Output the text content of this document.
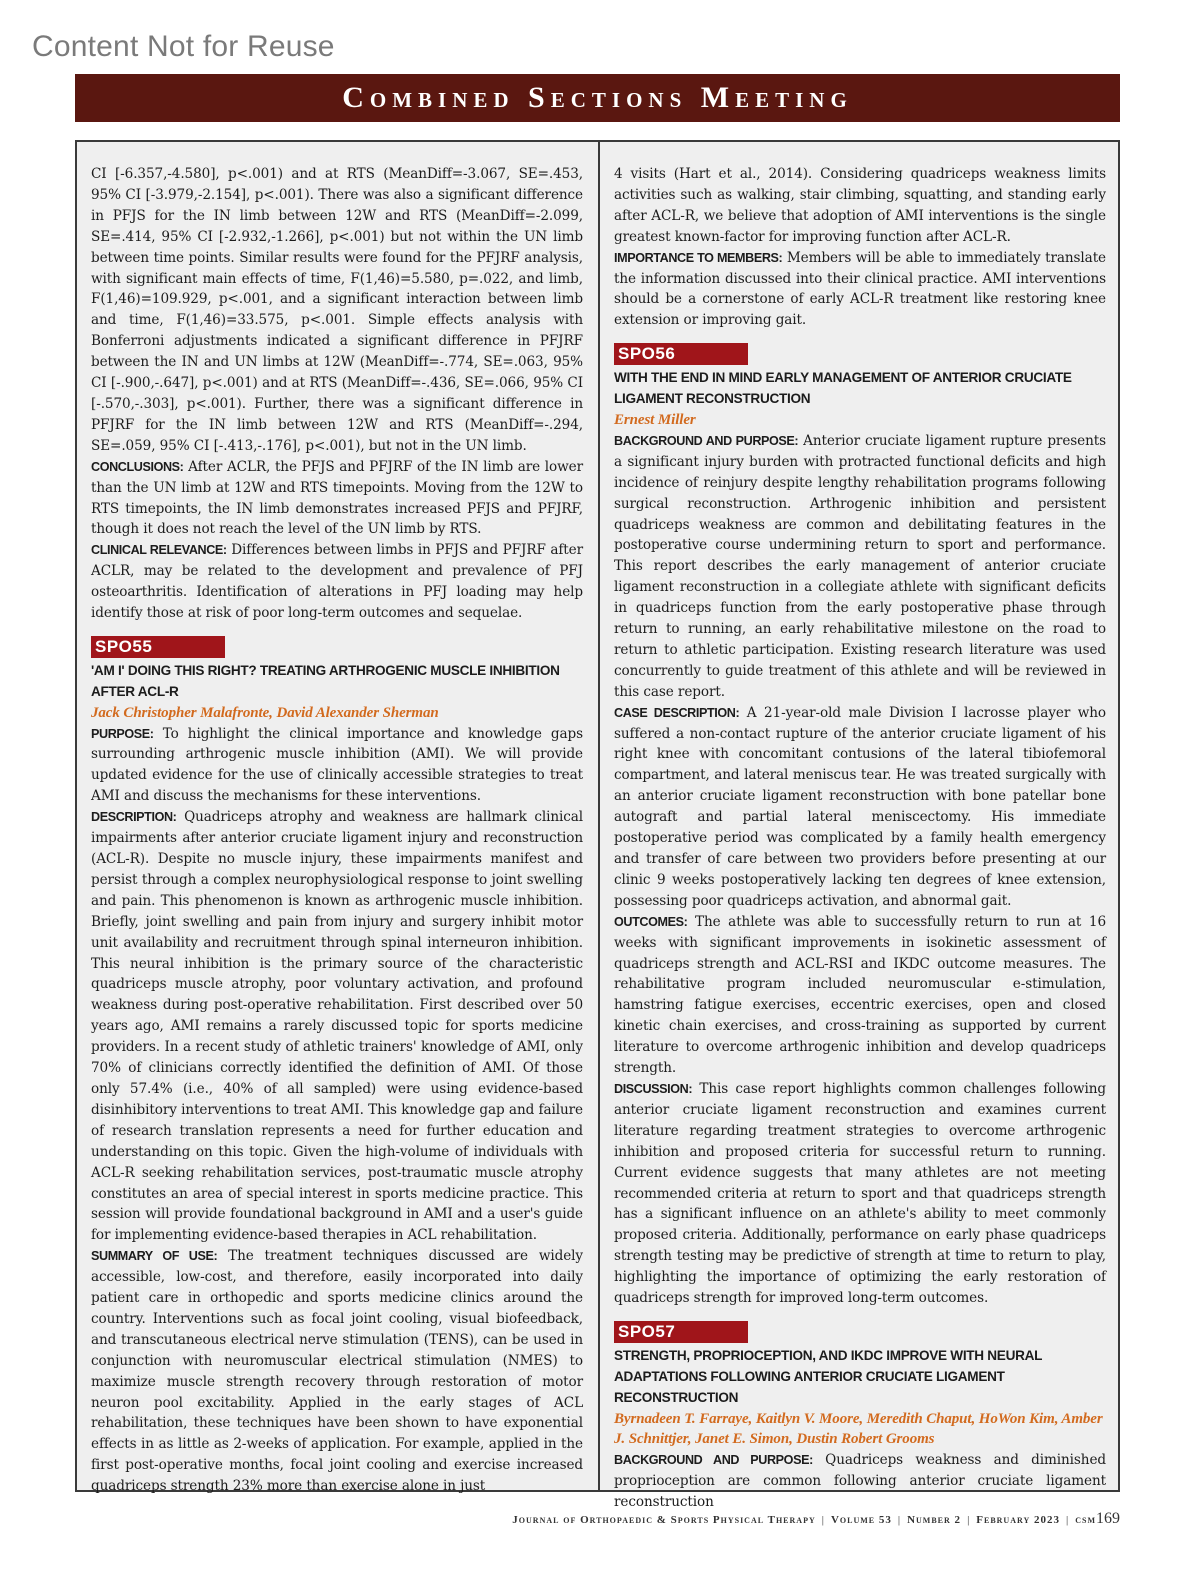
Content Not for Reuse
Combined Sections Meeting

CI [-6.357,-4.580], p<.001) and at RTS (MeanDiff=-3.067, SE=.453, 95% CI [-3.979,-2.154], p<.001). There was also a significant difference in PFJS for the IN limb between 12W and RTS (MeanDiff=-2.099, SE=.414, 95% CI [-2.932,-1.266], p<.001) but not within the UN limb between time points. Similar results were found for the PFJRF analysis, with significant main effects of time, F(1,46)=5.580, p=.022, and limb, F(1,46)=109.929, p<.001, and a significant interaction between limb and time, F(1,46)=33.575, p<.001. Simple effects analysis with Bonferroni adjustments indicated a significant difference in PFJRF between the IN and UN limbs at 12W (MeanDiff=-.774, SE=.063, 95% CI [-.900,-.647], p<.001) and at RTS (MeanDiff=-.436, SE=.066, 95% CI [-.570,-.303], p<.001). Further, there was a significant difference in PFJRF for the IN limb between 12W and RTS (MeanDiff=-.294, SE=.059, 95% CI [-.413,-.176], p<.001), but not in the UN limb.

CONCLUSIONS: After ACLR, the PFJS and PFJRF of the IN limb are lower than the UN limb at 12W and RTS timepoints. Moving from the 12W to RTS timepoints, the IN limb demonstrates increased PFJS and PFJRF, though it does not reach the level of the UN limb by RTS.

CLINICAL RELEVANCE: Differences between limbs in PFJS and PFJRF after ACLR, may be related to the development and prevalence of PFJ osteoarthritis. Identification of alterations in PFJ loading may help identify those at risk of poor long-term outcomes and sequelae.

SPO55
'AM I' DOING THIS RIGHT? TREATING ARTHROGENIC MUSCLE INHIBITION AFTER ACL-R
Jack Christopher Malafronte, David Alexander Sherman

PURPOSE: To highlight the clinical importance and knowledge gaps surrounding arthrogenic muscle inhibition (AMI). We will provide updated evidence for the use of clinically accessible strategies to treat AMI and discuss the mechanisms for these interventions.

DESCRIPTION: Quadriceps atrophy and weakness are hallmark clinical impairments after anterior cruciate ligament injury and reconstruction (ACL-R). Despite no muscle injury, these impairments manifest and persist through a complex neurophysiological response to joint swelling and pain. This phenomenon is known as arthrogenic muscle inhibition. Briefly, joint swelling and pain from injury and surgery inhibit motor unit availability and recruitment through spinal interneuron inhibition. This neural inhibition is the primary source of the characteristic quadriceps muscle atrophy, poor voluntary activation, and profound weakness during post-operative rehabilitation. First described over 50 years ago, AMI remains a rarely discussed topic for sports medicine providers. In a recent study of athletic trainers' knowledge of AMI, only 70% of clinicians correctly identified the definition of AMI. Of those only 57.4% (i.e., 40% of all sampled) were using evidence-based disinhibitory interventions to treat AMI. This knowledge gap and failure of research translation represents a need for further education and understanding on this topic. Given the high-volume of individuals with ACL-R seeking rehabilitation services, post-traumatic muscle atrophy constitutes an area of special interest in sports medicine practice. This session will provide foundational background in AMI and a user's guide for implementing evidence-based therapies in ACL rehabilitation.

SUMMARY OF USE: The treatment techniques discussed are widely accessible, low-cost, and therefore, easily incorporated into daily patient care in orthopedic and sports medicine clinics around the country. Interventions such as focal joint cooling, visual biofeedback, and transcutaneous electrical nerve stimulation (TENS), can be used in conjunction with neuromuscular electrical stimulation (NMES) to maximize muscle strength recovery through restoration of motor neuron pool excitability. Applied in the early stages of ACL rehabilitation, these techniques have been shown to have exponential effects in as little as 2-weeks of application. For example, applied in the first post-operative months, focal joint cooling and exercise increased quadriceps strength 23% more than exercise alone in just

4 visits (Hart et al., 2014). Considering quadriceps weakness limits activities such as walking, stair climbing, squatting, and standing early after ACL-R, we believe that adoption of AMI interventions is the single greatest known-factor for improving function after ACL-R.

IMPORTANCE TO MEMBERS: Members will be able to immediately translate the information discussed into their clinical practice. AMI interventions should be a cornerstone of early ACL-R treatment like restoring knee extension or improving gait.

SPO56
WITH THE END IN MIND EARLY MANAGEMENT OF ANTERIOR CRUCIATE LIGAMENT RECONSTRUCTION
Ernest Miller

BACKGROUND AND PURPOSE: Anterior cruciate ligament rupture presents a significant injury burden with protracted functional deficits and high incidence of reinjury despite lengthy rehabilitation programs following surgical reconstruction. Arthrogenic inhibition and persistent quadriceps weakness are common and debilitating features in the postoperative course undermining return to sport and performance. This report describes the early management of anterior cruciate ligament reconstruction in a collegiate athlete with significant deficits in quadriceps function from the early postoperative phase through return to running, an early rehabilitative milestone on the road to return to athletic participation. Existing research literature was used concurrently to guide treatment of this athlete and will be reviewed in this case report.

CASE DESCRIPTION: A 21-year-old male Division I lacrosse player who suffered a non-contact rupture of the anterior cruciate ligament of his right knee with concomitant contusions of the lateral tibiofemoral compartment, and lateral meniscus tear. He was treated surgically with an anterior cruciate ligament reconstruction with bone patellar bone autograft and partial lateral meniscectomy. His immediate postoperative period was complicated by a family health emergency and transfer of care between two providers before presenting at our clinic 9 weeks postoperatively lacking ten degrees of knee extension, possessing poor quadriceps activation, and abnormal gait.

OUTCOMES: The athlete was able to successfully return to run at 16 weeks with significant improvements in isokinetic assessment of quadriceps strength and ACL-RSI and IKDC outcome measures. The rehabilitative program included neuromuscular e-stimulation, hamstring fatigue exercises, eccentric exercises, open and closed kinetic chain exercises, and cross-training as supported by current literature to overcome arthrogenic inhibition and develop quadriceps strength.

DISCUSSION: This case report highlights common challenges following anterior cruciate ligament reconstruction and examines current literature regarding treatment strategies to overcome arthrogenic inhibition and proposed criteria for successful return to running. Current evidence suggests that many athletes are not meeting recommended criteria at return to sport and that quadriceps strength has a significant influence on an athlete's ability to meet commonly proposed criteria. Additionally, performance on early phase quadriceps strength testing may be predictive of strength at time to return to play, highlighting the importance of optimizing the early restoration of quadriceps strength for improved long-term outcomes.

SPO57
STRENGTH, PROPRIOCEPTION, AND IKDC IMPROVE WITH NEURAL ADAPTATIONS FOLLOWING ANTERIOR CRUCIATE LIGAMENT RECONSTRUCTION
Byrnadeen T. Farraye, Kaitlyn V. Moore, Meredith Chaput, HoWon Kim, Amber J. Schnittjer, Janet E. Simon, Dustin Robert Grooms

BACKGROUND AND PURPOSE: Quadriceps weakness and diminished proprioception are common following anterior cruciate ligament reconstruction

Journal of Orthopaedic & Sports Physical Therapy | Volume 53 | Number 2 | February 2023 | csm169
